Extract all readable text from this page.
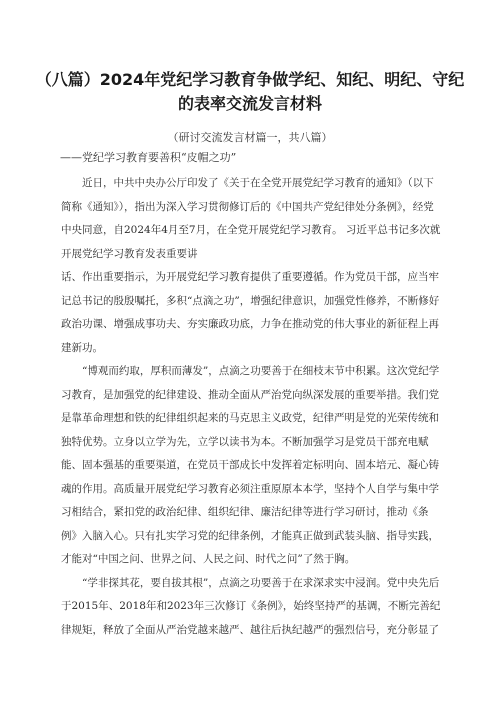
（八篇）2024年党纪学习教育争做学纪、知纪、明纪、守纪
的表率交流发言材料

（研讨交流发言材篇一，共八篇）

——党纪学习教育要善积“皮帽之功”

近日，中共中央办公厅印发了《关于在全党开展党纪学习教育的通知》（以下简称《通知》），指出为深入学习贯彻修订后的《中国共产党纪律处分条例》，经党中央同意，自2024年4月至7月，在全党开展党纪学习教育。 习近平总书记多次就开展党纪学习教育发表重要讲

话、作出重要指示，为开展党纪学习教育提供了重要遵循。作为党员干部，应当牢记总书记的殷殷嘱托，多积“点滴之功”，增强纪律意识，加强党性修养，不断修好政治功课、增强成事功夫、夯实廉政功底，力争在推动党的伟大事业的新征程上再建新功。

“博观而约取，厚积而薄发”，点滴之功要善于在细枝末节中积累。这次党纪学习教育，是加强党的纪律建设、推动全面从严治党向纵深发展的重要举措。我们党是靠革命理想和铁的纪律组织起来的马克思主义政党，纪律严明是党的光荣传统和独特优势。立身以立学为先，立学以读书为本。不断加强学习是党员干部充电赋能、固本强基的重要渠道，在党员干部成长中发挥着定标明向、固本培元、凝心铸魂的作用。高质量开展党纪学习教育必须注重原原本本学，坚持个人自学与集中学习相结合，紧扣党的政治纪律、组织纪律、廉洁纪律等进行学习研讨，推动《条例》入脑入心。只有扎实学习党的纪律条例，才能真正做到武装头脑、指导实践，才能对“中国之问、世界之问、人民之问、时代之问”了然于胸。

“学非探其花，要自拔其根”，点滴之功要善于在求深求实中浸润。党中央先后于2015年、2018年和2023年三次修订《条例》，始终坚持严的基调，不断完善纪律规矩，释放了全面从严治党越来越严、越往后执纪越严的强烈信号，充分彰显了
